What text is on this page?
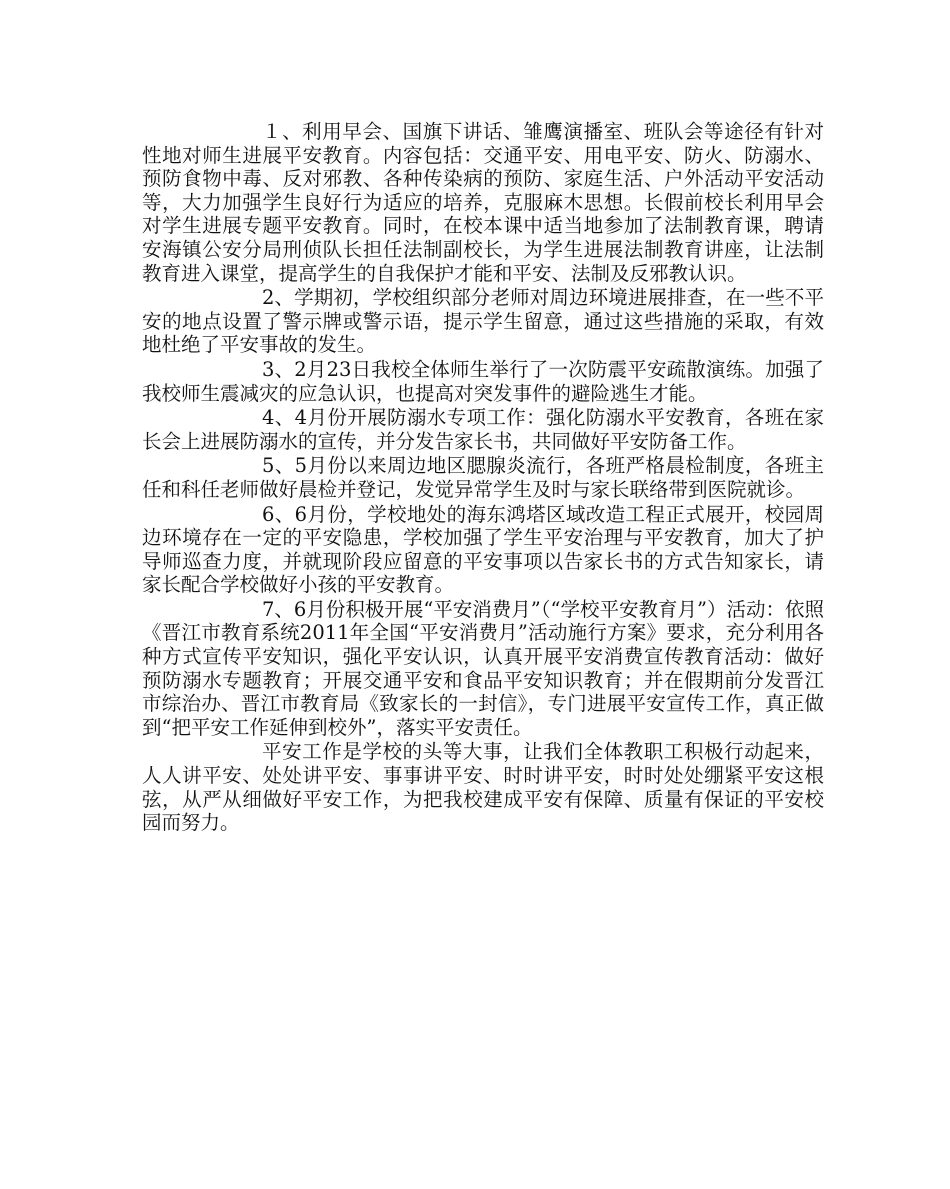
１、利用早会、国旗下讲话、雏鹰演播室、班队会等途径有针对性地对师生进展平安教育。内容包括：交通平安、用电平安、防火、防溺水、预防食物中毒、反对邪教、各种传染病的预防、家庭生活、户外活动平安活动等，大力加强学生良好行为适应的培养，克服麻木思想。长假前校长利用早会对学生进展专题平安教育。同时，在校本课中适当地参加了法制教育课，聘请安海镇公安分局刑侦队长担任法制副校长，为学生进展法制教育讲座，让法制教育进入课堂，提高学生的自我保护才能和平安、法制及反邪教认识。

2、学期初，学校组织部分老师对周边环境进展排查，在一些不平安的地点设置了警示牌或警示语，提示学生留意，通过这些措施的采取，有效地杜绝了平安事故的发生。

3、2月23日我校全体师生举行了一次防震平安疏散演练。加强了我校师生震减灾的应急认识，也提高对突发事件的避险逃生才能。

4、4月份开展防溺水专项工作：强化防溺水平安教育，各班在家长会上进展防溺水的宣传，并分发告家长书，共同做好平安防备工作。

5、5月份以来周边地区腮腺炎流行，各班严格晨检制度，各班主任和科任老师做好晨检并登记，发觉异常学生及时与家长联络带到医院就诊。

6、6月份，学校地处的海东鸿塔区域改造工程正式展开，校园周边环境存在一定的平安隐患，学校加强了学生平安治理与平安教育，加大了护导师巡查力度，并就现阶段应留意的平安事项以告家长书的方式告知家长，请家长配合学校做好小孩的平安教育。

7、6月份积极开展“平安消费月”（“学校平安教育月”）活动：依照《晋江市教育系统2011年全国“平安消费月”活动施行方案》要求，充分利用各种方式宣传平安知识，强化平安认识，认真开展平安消费宣传教育活动：做好预防溺水专题教育；开展交通平安和食品平安知识教育；并在假期前分发晋江市综治办、晋江市教育局《致家长的一封信》，专门进展平安宣传工作，真正做到“把平安工作延伸到校外”，落实平安责任。

平安工作是学校的头等大事，让我们全体教职工积极行动起来，人人讲平安、处处讲平安、事事讲平安、时时讲平安，时时处处绷紧平安这根弦，从严从细做好平安工作，为把我校建成平安有保障、质量有保证的平安校园而努力。
